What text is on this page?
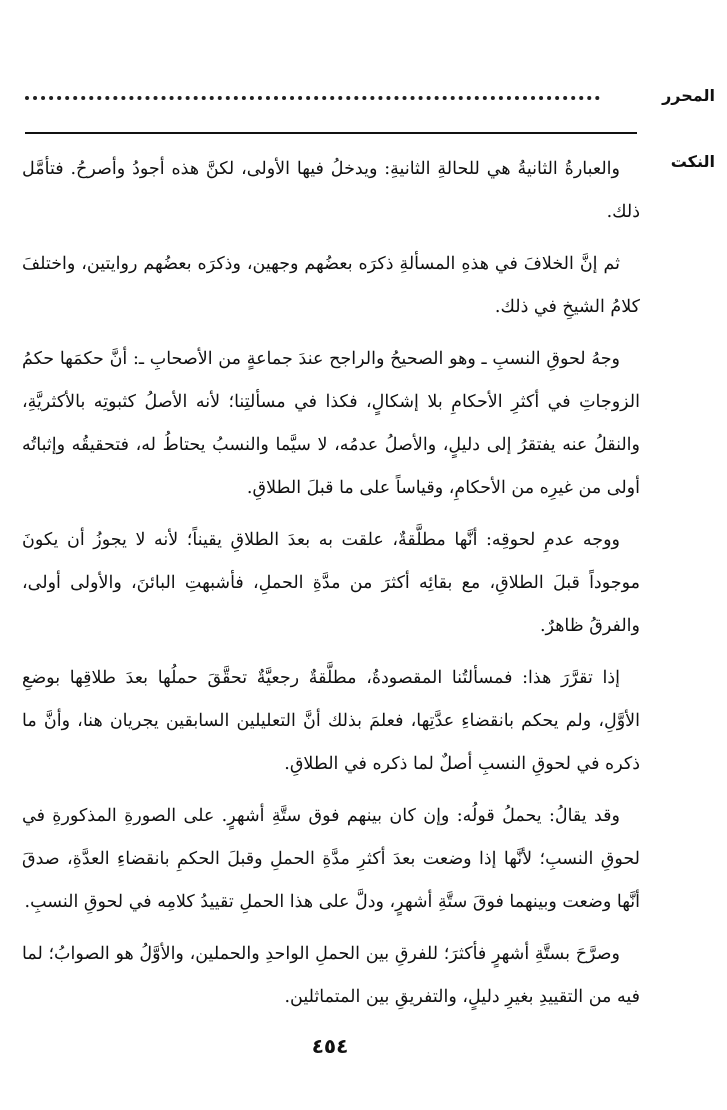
المحرر
النكت

والعبارةُ الثانيةُ هي للحالةِ الثانيةِ: ويدخلُ فيها الأولى، لكنَّ هذه أجودُ وأصرحُ. فتأمَّل ذلك.

ثم إنَّ الخلافَ في هذهِ المسألةِ ذكرَه بعضُهم وجهين، وذكرَه بعضُهم روايتين، واختلفَ كلامُ الشيخِ في ذلك.

وجهُ لحوقِ النسبِ ـ وهو الصحيحُ والراجح عندَ جماعةٍ من الأصحابِ ـ: أنَّ حكمَها حكمُ الزوجاتِ في أكثرِ الأحكامِ بلا إشكالٍ، فكذا في مسألتِنا؛ لأنه الأصلُ كثبوتِه بالأكثريَّةِ، والنقلُ عنه يفتقرُ إلى دليلٍ، والأصلُ عدمُه، لا سيَّما والنسبُ يحتاطُ له، فتحقيقُه وإثباتُه أولى من غيرِه من الأحكامِ، وقياساً على ما قبلَ الطلاقِ.

ووجه عدمِ لحوقِه: أنَّها مطلَّقةٌ، علقت به بعدَ الطلاقِ يقيناً؛ لأنه لا يجوزُ أن يكونَ موجوداً قبلَ الطلاقِ، مع بقائِه أكثرَ من مدَّةِ الحملِ، فأشبهتِ البائنَ، والأولى أولى، والفرقُ ظاهرٌ.

إذا تقرَّرَ هذا: فمسألتُنا المقصودةُ، مطلَّقةٌ رجعيَّةٌ تحقَّقَ حملُها بعدَ طلاقِها بوضعِ الأوَّلِ، ولم يحكم بانقضاءِ عدَّتِها، فعلمَ بذلك أنَّ التعليلين السابقين يجريان هنا، وأنَّ ما ذكره في لحوقِ النسبِ أصلٌ لما ذكره في الطلاقِ.

وقد يقالُ: يحملُ قولُه: وإن كان بينهم فوق ستَّةِ أشهرٍ. على الصورةِ المذكورةِ في لحوقِ النسبِ؛ لأنَّها إذا وضعت بعدَ أكثرِ مدَّةِ الحملِ وقبلَ الحكمِ بانقضاءِ العدَّةِ، صدقَ أنَّها وضعت وبينهما فوقَ ستَّةِ أشهرٍ، ودلَّ على هذا الحملِ تقييدُ كلامِه في لحوقِ النسبِ.

وصرَّحَ بستَّةِ أشهرٍ فأكثرَ؛ للفرقِ بين الحملِ الواحدِ والحملين، والأوَّلُ هو الصوابُ؛ لما فيه من التقييدِ بغيرِ دليلٍ، والتفريقِ بين المتماثلين.

٤٥٤
